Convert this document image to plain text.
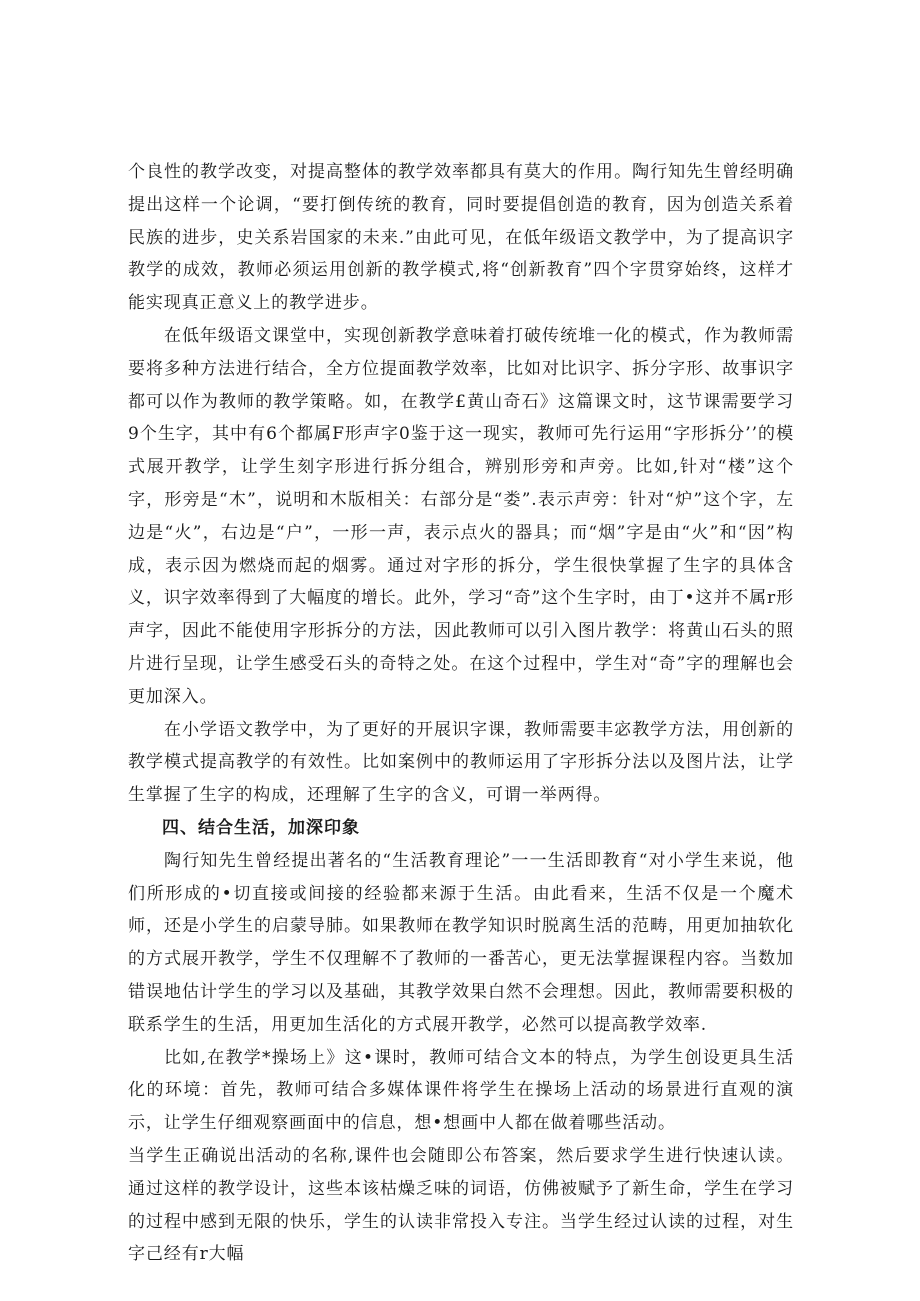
个良性的教学改变，对提高整体的教学效率都具有莫大的作用。陶行知先生曾经明确提出这样一个论调，“要打倒传统的教育，同时要提倡创造的教育，因为创造关系着民族的进步，史关系岩国家的未来.”由此可见，在低年级语文教学中，为了提高识字教学的成效，教师必须运用创新的教学模式,将“创新教育”四个字贯穿始终，这样才能实现真正意义上的教学进步。

在低年级语文课堂中，实现创新教学意味着打破传统堆一化的模式，作为教师需要将多种方法进行结合，全方位提面教学效率，比如对比识字、拆分字形、故事识字都可以作为教师的教学策略。如，在教学£黄山奇石》这篇课文时，这节课需要学习9个生字，其中有6个都属F形声字0鉴于这一现实，教师可先行运用“字形拆分’’的模式展开教学，让学生刻字形进行拆分组合，辨别形旁和声旁。比如,针对“楼”这个字，形旁是“木”，说明和木版相关：右部分是“娄”.表示声旁：针对“炉”这个字，左边是“火”，右边是“户”，一形一声，表示点火的器具；而“烟”字是由“火”和“因”构成，表示因为燃烧而起的烟雾。通过对字形的拆分，学生很快掌握了生字的具体含义，识字效率得到了大幅度的增长。此外，学习“奇”这个生字时，由丁•这并不属r形声字，因此不能使用字形拆分的方法，因此教师可以引入图片教学：将黄山石头的照片进行呈现，让学生感受石头的奇特之处。在这个过程中，学生对“奇”字的理解也会更加深入。

在小学语文教学中，为了更好的开展识字课，教师需要丰宓教学方法，用创新的教学模式提高教学的有效性。比如案例中的教师运用了字形拆分法以及图片法，让学生掌握了生字的构成，还理解了生字的含义，可谓一举两得。

四、结合生活，加深印象

陶行知先生曾经提出著名的“生活教育理论”一一生活即教育“对小学生来说，他们所形成的•切直接或间接的经验都来源于生活。由此看来，生活不仅是一个魔术师，还是小学生的启蒙导肺。如果教师在教学知识时脱离生活的范畴，用更加抽软化的方式展开教学，学生不仅理解不了教师的一番苦心，更无法掌握课程内容。当数加错误地估计学生的学习以及基础，其教学效果白然不会理想。因此，教师需要积极的联系学生的生活，用更加生活化的方式展开教学，必然可以提高教学效率.

比如,在教学*操场上》这•课时，教师可结合文本的特点，为学生创设更具生活化的环境：首先，教师可结合多媒体课件将学生在操场上活动的场景进行直观的演示，让学生仔细观察画面中的信息，想•想画中人都在做着哪些活动。

当学生正确说出活动的名称,课件也会随即公布答案，然后要求学生进行快速认读。通过这样的教学设计，这些本该枯燥乏味的词语，仿佛被赋予了新生命，学生在学习的过程中感到无限的快乐，学生的认读非常投入专注。当学生经过认读的过程，对生字己经有r大幅
